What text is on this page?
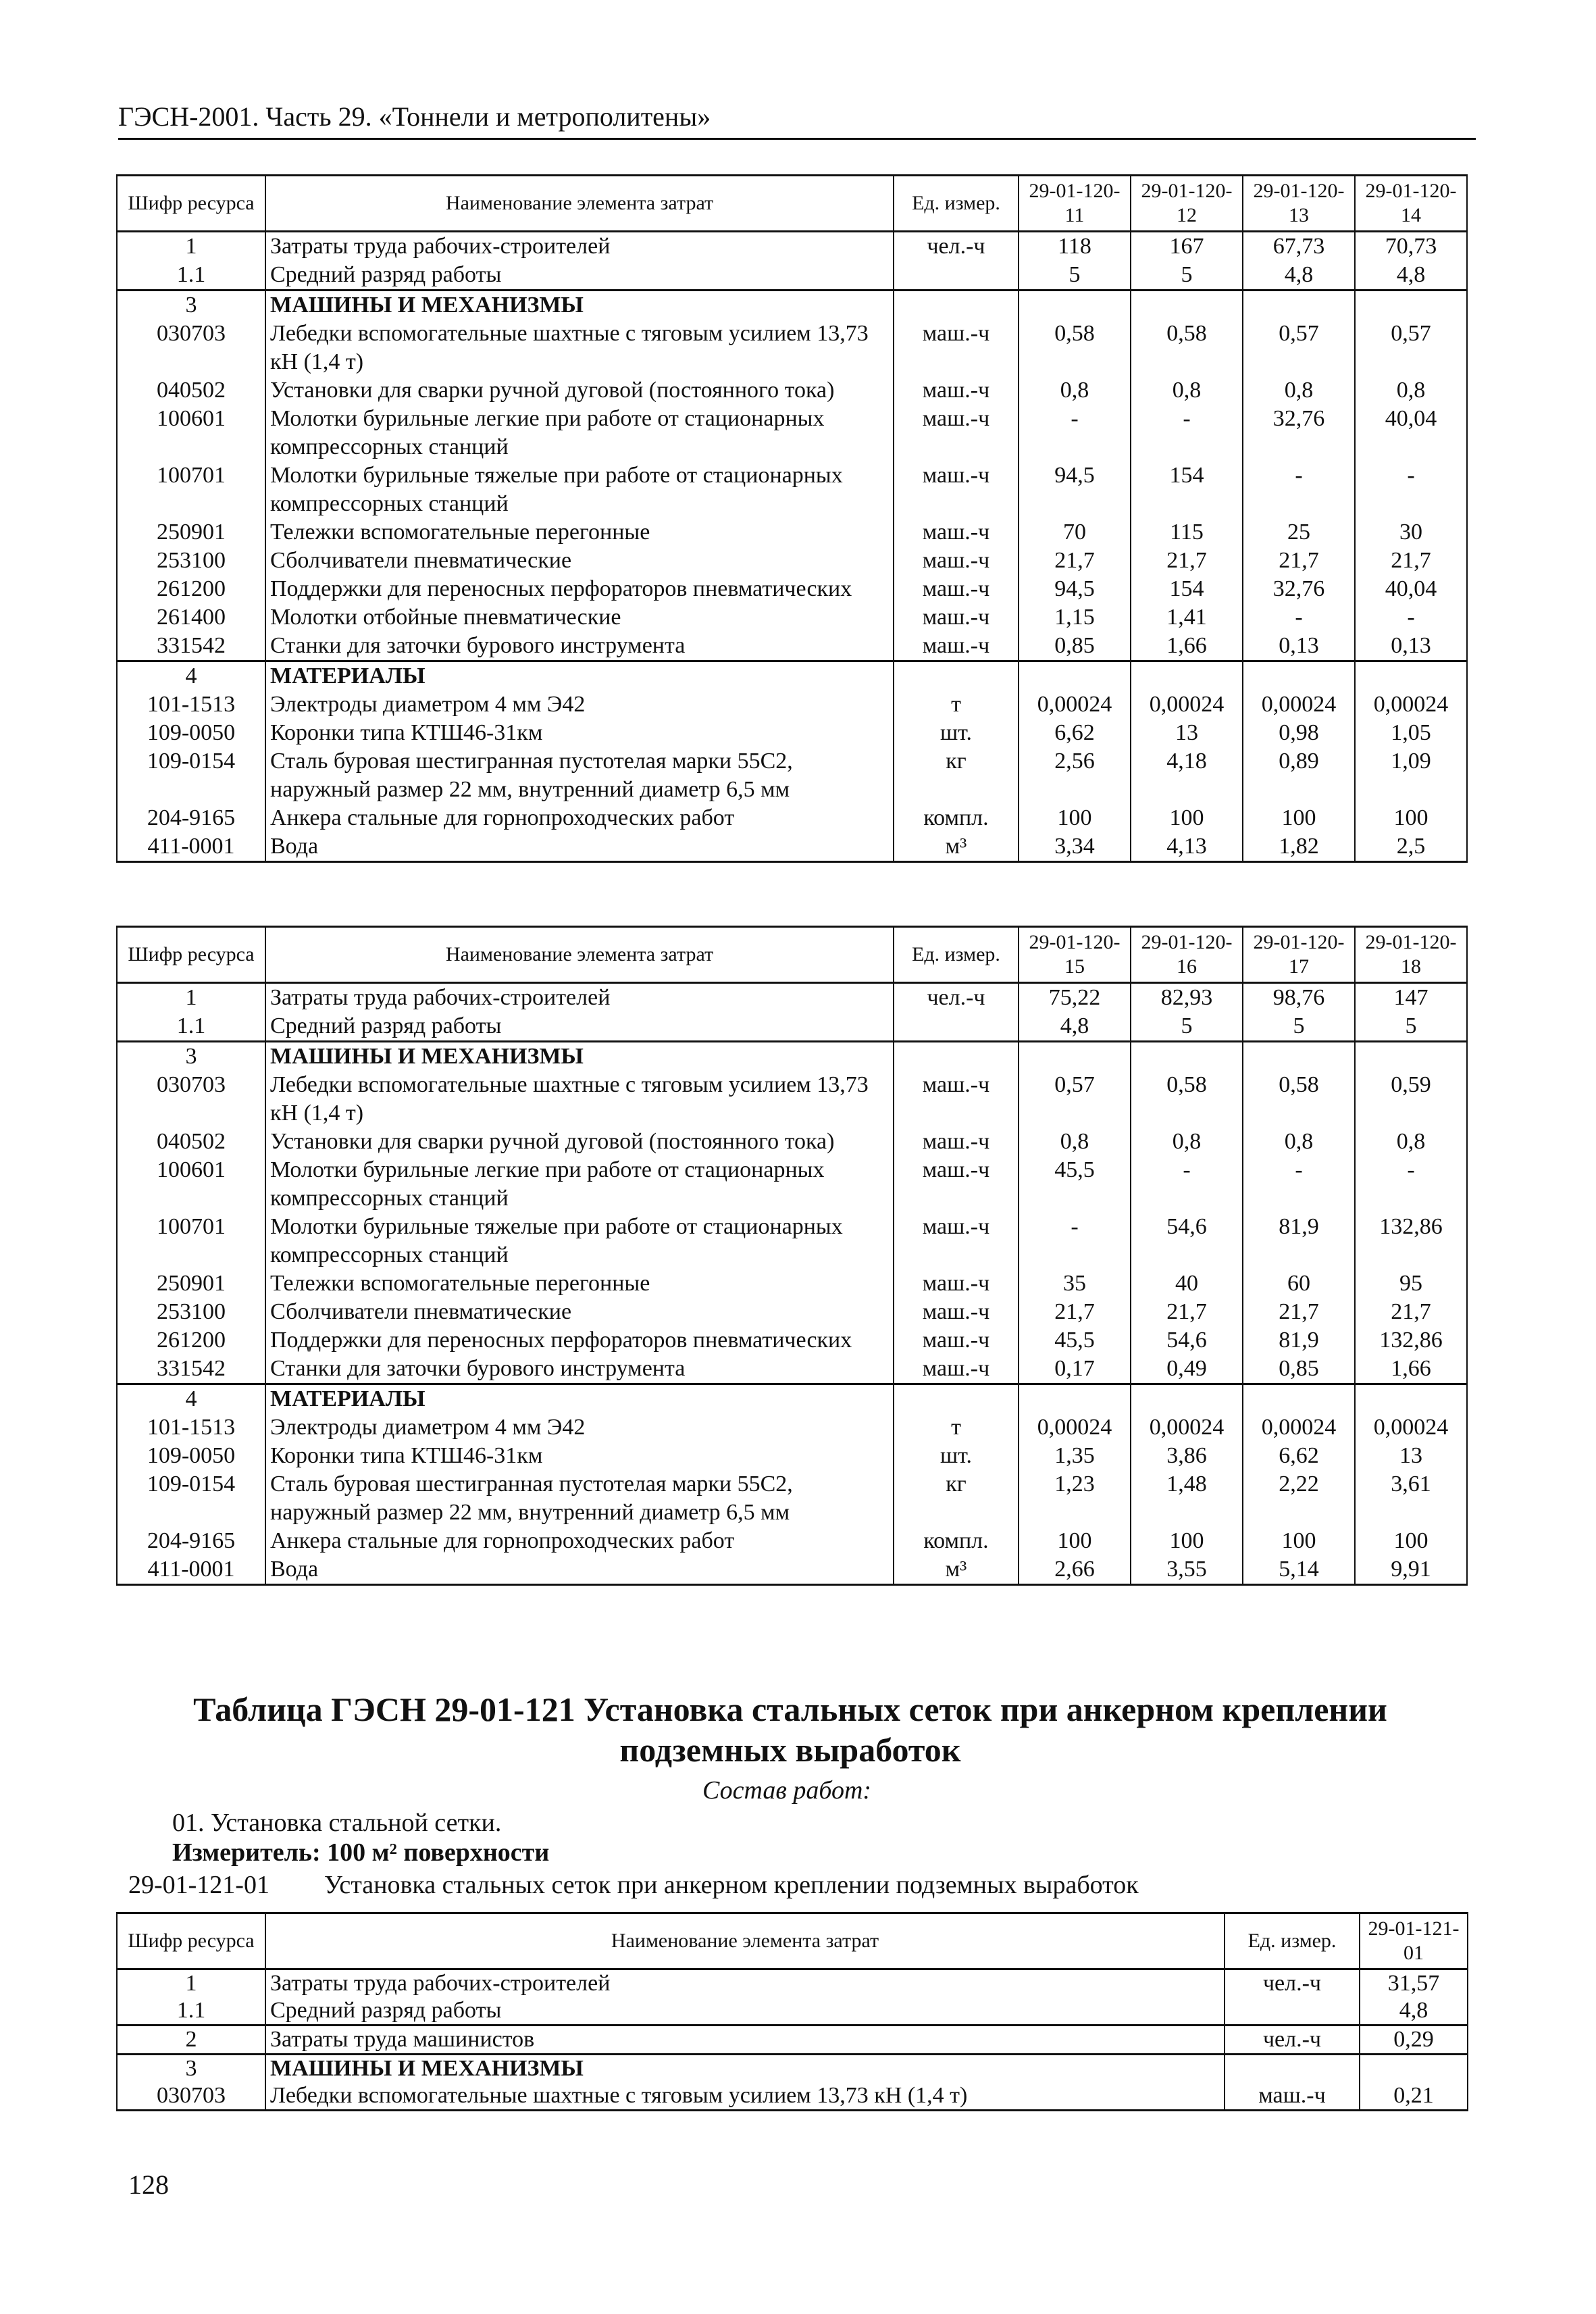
ГЭСН-2001. Часть 29. «Тоннели и метрополитены»
Шифр ресурса	Наименование элемента затрат	Ед. измер.	29-01-120-11	29-01-120-12	29-01-120-13	29-01-120-14
1	Затраты труда рабочих-строителей	чел.-ч	118	167	67,73	70,73
1.1	Средний разряд работы		5	5	4,8	4,8
3	МАШИНЫ И МЕХАНИЗМЫ					
030703	Лебедки вспомогательные шахтные с тяговым усилием 13,73 кН (1,4 т)	маш.-ч	0,58	0,58	0,57	0,57
040502	Установки для сварки ручной дуговой (постоянного тока)	маш.-ч	0,8	0,8	0,8	0,8
100601	Молотки бурильные легкие при работе от стационарных компрессорных станций	маш.-ч	-	-	32,76	40,04
100701	Молотки бурильные тяжелые при работе от стационарных компрессорных станций	маш.-ч	94,5	154	-	-
250901	Тележки вспомогательные перегонные	маш.-ч	70	115	25	30
253100	Сболчиватели пневматические	маш.-ч	21,7	21,7	21,7	21,7
261200	Поддержки для переносных перфораторов пневматических	маш.-ч	94,5	154	32,76	40,04
261400	Молотки отбойные пневматические	маш.-ч	1,15	1,41	-	-
331542	Станки для заточки бурового инструмента	маш.-ч	0,85	1,66	0,13	0,13
4	МАТЕРИАЛЫ					
101-1513	Электроды диаметром 4 мм Э42	т	0,00024	0,00024	0,00024	0,00024
109-0050	Коронки типа КТШ46-31км	шт.	6,62	13	0,98	1,05
109-0154	Сталь буровая шестигранная пустотелая марки 55С2, наружный размер 22 мм, внутренний диаметр 6,5 мм	кг	2,56	4,18	0,89	1,09
204-9165	Анкера стальные для горнопроходческих работ	компл.	100	100	100	100
411-0001	Вода	м³	3,34	4,13	1,82	2,5
Шифр ресурса	Наименование элемента затрат	Ед. измер.	29-01-120-15	29-01-120-16	29-01-120-17	29-01-120-18
1	Затраты труда рабочих-строителей	чел.-ч	75,22	82,93	98,76	147
1.1	Средний разряд работы		4,8	5	5	5
3	МАШИНЫ И МЕХАНИЗМЫ					
030703	Лебедки вспомогательные шахтные с тяговым усилием 13,73 кН (1,4 т)	маш.-ч	0,57	0,58	0,58	0,59
040502	Установки для сварки ручной дуговой (постоянного тока)	маш.-ч	0,8	0,8	0,8	0,8
100601	Молотки бурильные легкие при работе от стационарных компрессорных станций	маш.-ч	45,5	-	-	-
100701	Молотки бурильные тяжелые при работе от стационарных компрессорных станций	маш.-ч	-	54,6	81,9	132,86
250901	Тележки вспомогательные перегонные	маш.-ч	35	40	60	95
253100	Сболчиватели пневматические	маш.-ч	21,7	21,7	21,7	21,7
261200	Поддержки для переносных перфораторов пневматических	маш.-ч	45,5	54,6	81,9	132,86
331542	Станки для заточки бурового инструмента	маш.-ч	0,17	0,49	0,85	1,66
4	МАТЕРИАЛЫ					
101-1513	Электроды диаметром 4 мм Э42	т	0,00024	0,00024	0,00024	0,00024
109-0050	Коронки типа КТШ46-31км	шт.	1,35	3,86	6,62	13
109-0154	Сталь буровая шестигранная пустотелая марки 55С2, наружный размер 22 мм, внутренний диаметр 6,5 мм	кг	1,23	1,48	2,22	3,61
204-9165	Анкера стальные для горнопроходческих работ	компл.	100	100	100	100
411-0001	Вода	м³	2,66	3,55	5,14	9,91
Таблица ГЭСН 29-01-121 Установка стальных сеток при анкерном креплении подземных выработок
Состав работ:
01. Установка стальной сетки.
Измеритель: 100 м² поверхности
29-01-121-01 Установка стальных сеток при анкерном креплении подземных выработок
Шифр ресурса	Наименование элемента затрат	Ед. измер.	29-01-121-01
1	Затраты труда рабочих-строителей	чел.-ч	31,57
1.1	Средний разряд работы		4,8
2	Затраты труда машинистов	чел.-ч	0,29
3	МАШИНЫ И МЕХАНИЗМЫ		
030703	Лебедки вспомогательные шахтные с тяговым усилием 13,73 кН (1,4 т)	маш.-ч	0,21
128
